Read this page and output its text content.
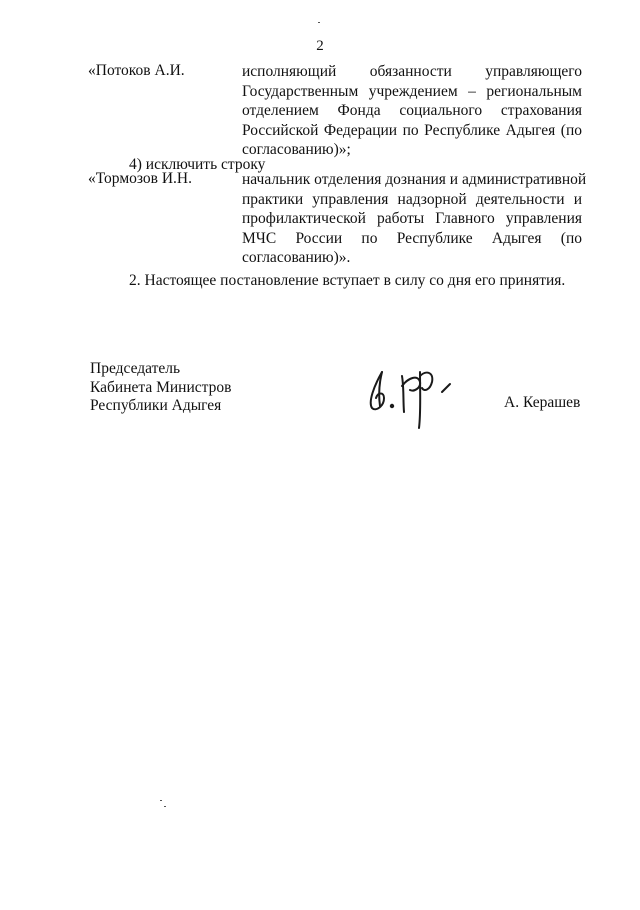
2
«Потоков А.И.	исполняющий обязанности управляющего
Государственным учреждением – региональным
отделением Фонда социального страхования
Российской Федерации по Республике Адыгея (по
согласованию)»;
4) исключить строку
«Тормозов И.Н.	начальник отделения дознания и административной
практики управления надзорной деятельности и
профилактической работы Главного управления
МЧС России по Республике Адыгея (по
согласованию)».
2. Настоящее постановление вступает в силу со дня его принятия.
Председатель
Кабинета Министров
Республики Адыгея	А. Керашев
